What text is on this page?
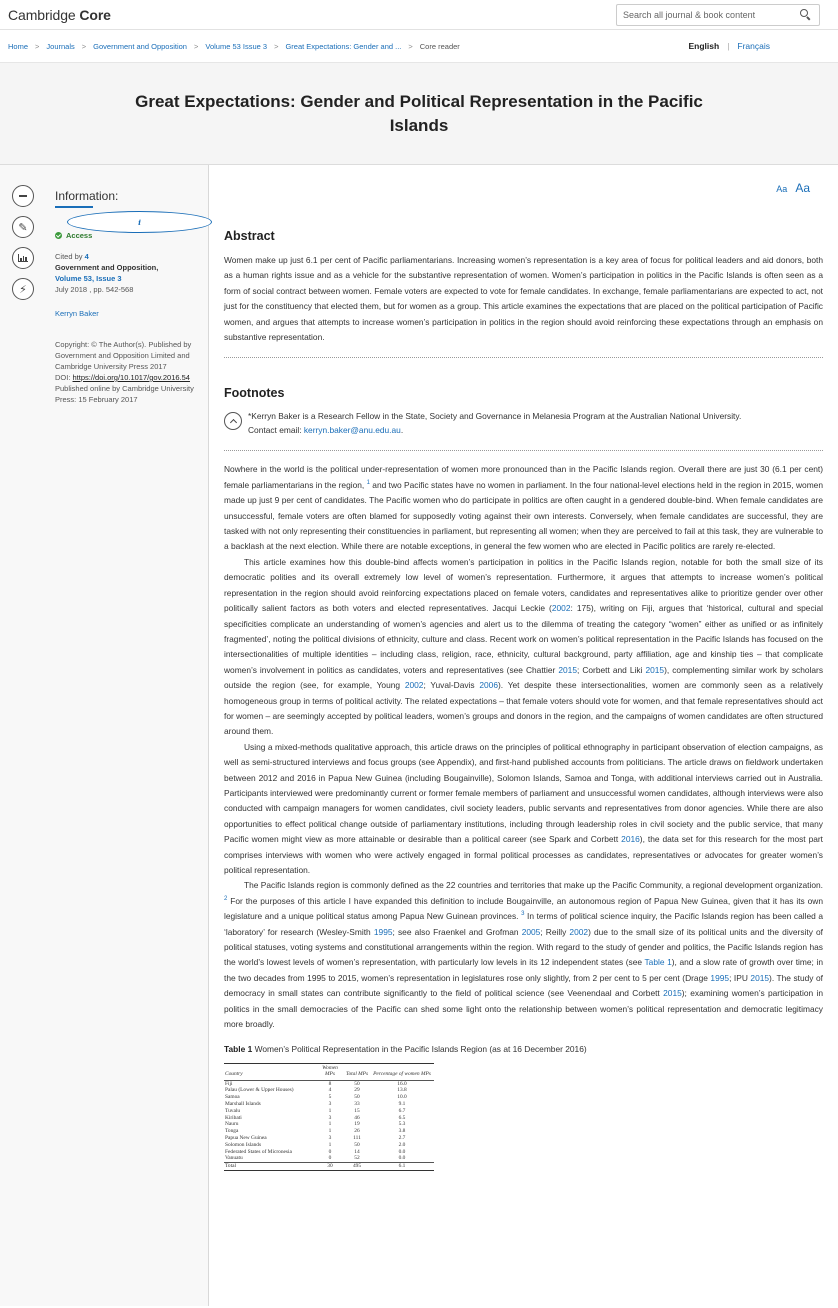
Cambridge Core
Search all journal & book content
Home > Journals > Government and Opposition > Volume 53 Issue 3 > Great Expectations: Gender and ... > Core reader	English | Français
Great Expectations: Gender and Political Representation in the Pacific Islands
✎	i
⚡
Information:
Access
Cited by 4
Government and Opposition,
Volume 53, Issue 3
July 2018 , pp. 542-568
Kerryn Baker
Copyright: © The Author(s). Published by Government and Opposition Limited and Cambridge University Press 2017
DOI: https://doi.org/10.1017/gov.2016.54
Published online by Cambridge University Press: 15 February 2017
Aa Aa
Abstract

Women make up just 6.1 per cent of Pacific parliamentarians. Increasing women’s representation is a key area of focus for political leaders and aid donors, both as a human rights issue and as a vehicle for the substantive representation of women. Women’s participation in politics in the Pacific Islands is often seen as a form of social contract between women. Female voters are expected to vote for female candidates. In exchange, female parliamentarians are expected to act, not just for the constituency that elected them, but for women as a group. This article examines the expectations that are placed on the political participation of Pacific women, and argues that attempts to increase women’s participation in politics in the region should avoid reinforcing these expectations through an emphasis on substantive representation.

Footnotes
*Kerryn Baker is a Research Fellow in the State, Society and Governance in Melanesia Program at the Australian National University.
Contact email: kerryn.baker@anu.edu.au.

Nowhere in the world is the political under-representation of women more pronounced than in the Pacific Islands region. Overall there are just 30 (6.1 per cent) female parliamentarians in the region, $^1$ and two Pacific states have no women in parliament. In the four national-level elections held in the region in 2015, women made up just 9 per cent of candidates. The Pacific women who do participate in politics are often caught in a gendered double-bind. When female candidates are unsuccessful, female voters are often blamed for supposedly voting against their own interests. Conversely, when female candidates are successful, they are tasked with not only representing their constituencies in parliament, but representing all women; when they are perceived to fail at this task, they are vulnerable to a backlash at the next election. While there are notable exceptions, in general the few women who are elected in Pacific politics are rarely re-elected.

This article examines how this double-bind affects women’s participation in politics in the Pacific Islands region, notable for both the small size of its democratic polities and its overall extremely low level of women’s representation. Furthermore, it argues that attempts to increase women’s political representation in the region should avoid reinforcing expectations placed on female voters, candidates and representatives alike to prioritize gender over other politically salient factors as both voters and elected representatives. Jacqui Leckie (2002: 175), writing on Fiji, argues that ‘historical, cultural and special specificities complicate an understanding of women’s agencies and alert us to the dilemma of treating the category “women” either as unified or as infinitely fragmented’, noting the political divisions of ethnicity, culture and class. Recent work on women’s political representation in the Pacific Islands has focused on the intersectionalities of multiple identities – including class, religion, race, ethnicity, cultural background, party affiliation, age and kinship ties – that complicate women’s involvement in politics as candidates, voters and representatives (see Chattier 2015; Corbett and Liki 2015), complementing similar work by scholars outside the region (see, for example, Young 2002; Yuval-Davis 2006). Yet despite these intersectionalities, women are commonly seen as a relatively homogeneous group in terms of political activity. The related expectations – that female voters should vote for women, and that female representatives should act for women – are seemingly accepted by political leaders, women’s groups and donors in the region, and the campaigns of women candidates are often structured around them.

Using a mixed-methods qualitative approach, this article draws on the principles of political ethnography in participant observation of election campaigns, as well as semi-structured interviews and focus groups (see Appendix), and first-hand published accounts from politicians. The article draws on fieldwork undertaken between 2012 and 2016 in Papua New Guinea (including Bougainville), Solomon Islands, Samoa and Tonga, with additional interviews carried out in Australia. Participants interviewed were predominantly current or former female members of parliament and unsuccessful women candidates, although interviews were also conducted with campaign managers for women candidates, civil society leaders, public servants and representatives from donor agencies. While there are also opportunities to effect political change outside of parliamentary institutions, including through leadership roles in civil society and the public service, that many Pacific women might view as more attainable or desirable than a political career (see Spark and Corbett 2016), the data set for this research for the most part comprises interviews with women who were actively engaged in formal political processes as candidates, representatives or advocates for greater women’s political representation.

The Pacific Islands region is commonly defined as the 22 countries and territories that make up the Pacific Community, a regional development organization. $^2$ For the purposes of this article I have expanded this definition to include Bougainville, an autonomous region of Papua New Guinea, given that it has its own legislature and a unique political status among Papua New Guinean provinces. $^3$ In terms of political science inquiry, the Pacific Islands region has been called a ‘laboratory’ for research (Wesley-Smith 1995; see also Fraenkel and Grofman 2005; Reilly 2002) due to the small size of its political units and the diversity of political statuses, voting systems and constitutional arrangements within the region. With regard to the study of gender and politics, the Pacific Islands region has the world’s lowest levels of women’s representation, with particularly low levels in its 12 independent states (see Table 1), and a slow rate of growth over time; in the two decades from 1995 to 2015, women’s representation in legislatures rose only slightly, from 2 per cent to 5 per cent (Drage 1995; IPU 2015). The study of democracy in small states can contribute significantly to the field of political science (see Veenendaal and Corbett 2015); examining women’s participation in politics in the small democracies of the Pacific can shed some light onto the relationship between women’s political representation and democratic legitimacy more broadly.

Table 1 Women’s Political Representation in the Pacific Islands Region (as at 16 December 2016)
Country	Women MPs	Total MPs	Percentage of women MPs
Fiji	8	50	16.0
Palau (Lower & Upper Houses)	4	29	13.8
Samoa	5	50	10.0
Marshall Islands	3	33	9.1
Tuvalu	1	15	6.7
Kiribati	3	46	6.5
Nauru	1	19	5.3
Tonga	1	26	3.8
Papua New Guinea	3	111	2.7
Solomon Islands	1	50	2.0
Federated States of Micronesia	0	14	0.0
Vanuatu	0	52	0.0
Total	30	495	6.1
